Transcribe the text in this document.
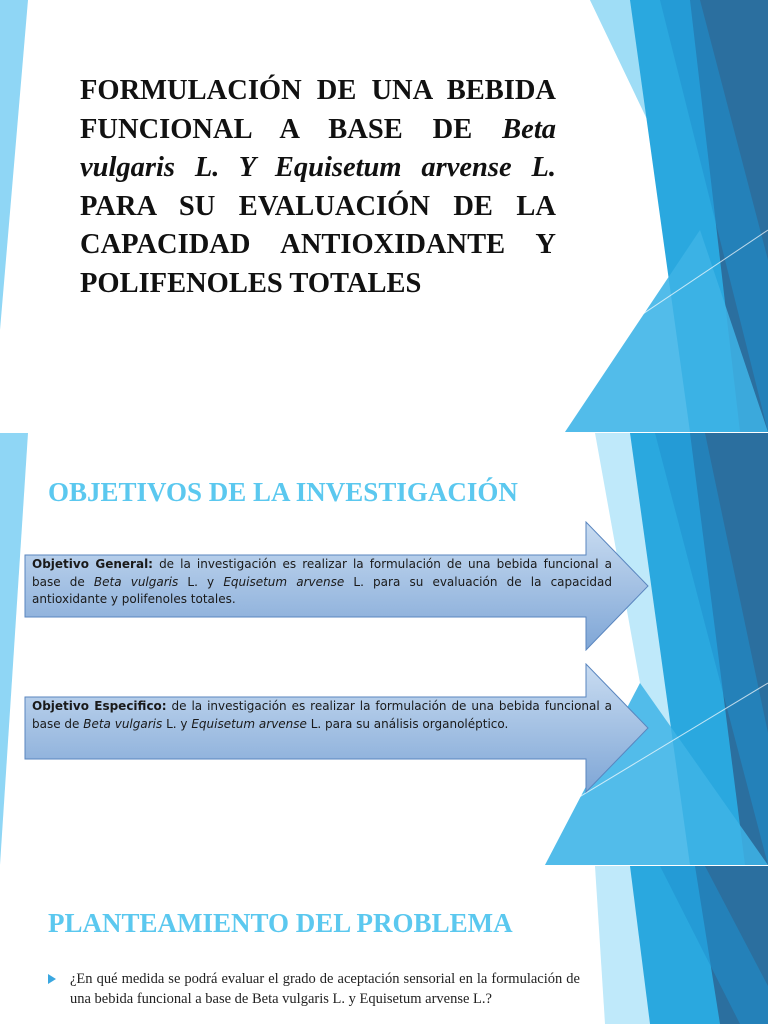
FORMULACIÓN DE UNA BEBIDA FUNCIONAL A BASE DE Beta vulgaris L. Y Equisetum arvense L. PARA SU EVALUACIÓN DE LA CAPACIDAD ANTIOXIDANTE Y POLIFENOLES TOTALES

OBJETIVOS DE LA INVESTIGACIÓN

Objetivo General: de la investigación es realizar la formulación de una bebida funcional a base de Beta vulgaris L. y Equisetum arvense L. para su evaluación de la capacidad antioxidante y polifenoles totales.

Objetivo Especifico: de la investigación es realizar la formulación de una bebida funcional a base de Beta vulgaris L. y Equisetum arvense L. para su análisis organoléptico.

PLANTEAMIENTO DEL PROBLEMA
¿En qué medida se podrá evaluar el grado de aceptación sensorial en la formulación de una bebida funcional a base de Beta vulgaris L. y Equisetum arvense L.?
